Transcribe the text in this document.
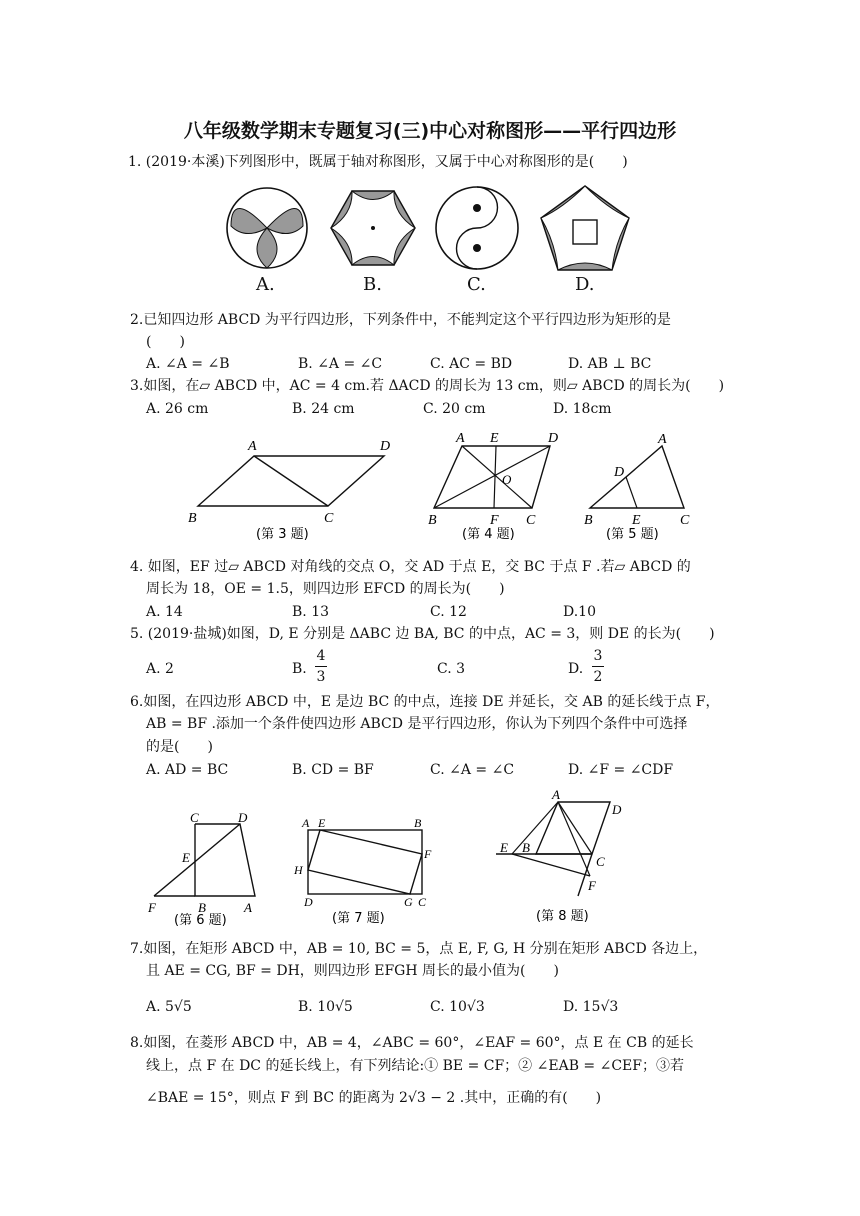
八年级数学期末专题复习(三)中心对称图形——平行四边形
1. (2019·本溪)下列图形中，既属于轴对称图形，又属于中心对称图形的是(　　)
A.	B.	C.	D.
2.已知四边形 ABCD 为平行四边形，下列条件中，不能判定这个平行四边形为矩形的是
(　　)
A. ∠A = ∠B	B. ∠A = ∠C	C. AC = BD	D. AB ⊥ BC
3.如图，在▱ ABCD 中，AC = 4 cm.若 ΔACD 的周长为 13 cm，则▱ ABCD 的周长为(　　)
A. 26 cm	B. 24 cm	C. 20 cm	D. 18cm
A	D
B	C
(第 3 题)
A E	D
O
B	F C
(第 4 题)
A
D
B	E	C
(第 5 题)
4. 如图，EF 过▱ ABCD 对角线的交点 O，交 AD 于点 E，交 BC 于点 F .若▱ ABCD 的
周长为 18，OE = 1.5，则四边形 EFCD 的周长为(　　)
A. 14	B. 13	C. 12	D.10
5. (2019·盐城)如图，D, E 分别是 ΔABC 边 BA, BC 的中点，AC = 3，则 DE 的长为(　　)
A. 2	B.
4
3	C. 3	D.
3
2
6.如图，在四边形 ABCD 中，E 是边 BC 的中点，连接 DE 并延长，交 AB 的延长线于点 F，
AB = BF .添加一个条件使四边形 ABCD 是平行四边形，你认为下列四个条件中可选择
的是(　　)
A. AD = BC	B. CD = BF	C. ∠A = ∠C	D. ∠F = ∠CDF
C	D
E
F	B	A
(第 6 题)
A E	B
F
H
D	G C
(第 7 题)
A
E B
D
C
F
(第 8 题)
7.如图，在矩形 ABCD 中，AB = 10, BC = 5，点 E, F, G, H 分别在矩形 ABCD 各边上，
且 AE = CG, BF = DH，则四边形 EFGH 周长的最小值为(　　)
A. 5√5	B. 10√5	C. 10√3	D. 15√3
8.如图，在菱形 ABCD 中，AB = 4，∠ABC = 60°，∠EAF = 60°，点 E 在 CB 的延长
线上，点 F 在 DC 的延长线上，有下列结论:① BE = CF；② ∠EAB = ∠CEF；③若
∠BAE = 15°，则点 F 到 BC 的距离为 2√3 − 2 .其中，正确的有(　　)
